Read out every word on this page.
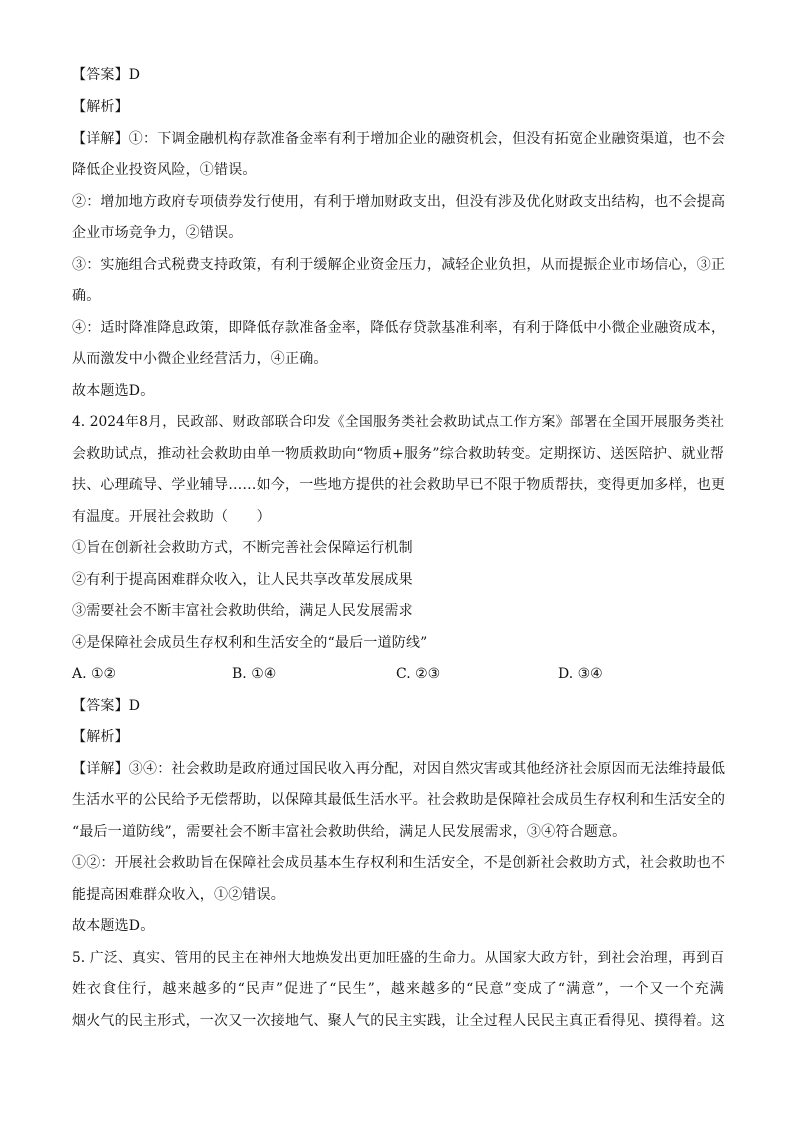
【答案】D
【解析】
【详解】①：下调金融机构存款准备金率有利于增加企业的融资机会，但没有拓宽企业融资渠道，也不会
降低企业投资风险，①错误。
②：增加地方政府专项债券发行使用，有利于增加财政支出，但没有涉及优化财政支出结构，也不会提高
企业市场竞争力，②错误。
③：实施组合式税费支持政策，有利于缓解企业资金压力，减轻企业负担，从而提振企业市场信心，③正
确。
④：适时降准降息政策，即降低存款准备金率，降低存贷款基准利率，有利于降低中小微企业融资成本，
从而激发中小微企业经营活力，④正确。
故本题选D。
4. 2024年8月，民政部、财政部联合印发《全国服务类社会救助试点工作方案》部署在全国开展服务类社
会救助试点，推动社会救助由单一物质救助向“物质+服务”综合救助转变。定期探访、送医陪护、就业帮
扶、心理疏导、学业辅导……如今，一些地方提供的社会救助早已不限于物质帮扶，变得更加多样，也更
有温度。开展社会救助（　　）
①旨在创新社会救助方式，不断完善社会保障运行机制
②有利于提高困难群众收入，让人民共享改革发展成果
③需要社会不断丰富社会救助供给，满足人民发展需求
④是保障社会成员生存权利和生活安全的“最后一道防线”
A. ①②	B. ①④	C. ②③	D. ③④
【答案】D
【解析】
【详解】③④：社会救助是政府通过国民收入再分配，对因自然灾害或其他经济社会原因而无法维持最低
生活水平的公民给予无偿帮助，以保障其最低生活水平。社会救助是保障社会成员生存权利和生活安全的
“最后一道防线”，需要社会不断丰富社会救助供给，满足人民发展需求，③④符合题意。
①②：开展社会救助旨在保障社会成员基本生存权利和生活安全，不是创新社会救助方式，社会救助也不
能提高困难群众收入，①②错误。
故本题选D。
5. 广泛、真实、管用的民主在神州大地焕发出更加旺盛的生命力。从国家大政方针，到社会治理，再到百
姓衣食住行，越来越多的“民声”促进了“民生”，越来越多的“民意”变成了“满意”，一个又一个充满
烟火气的民主形式，一次又一次接地气、聚人气的民主实践，让全过程人民民主真正看得见、摸得着。这
